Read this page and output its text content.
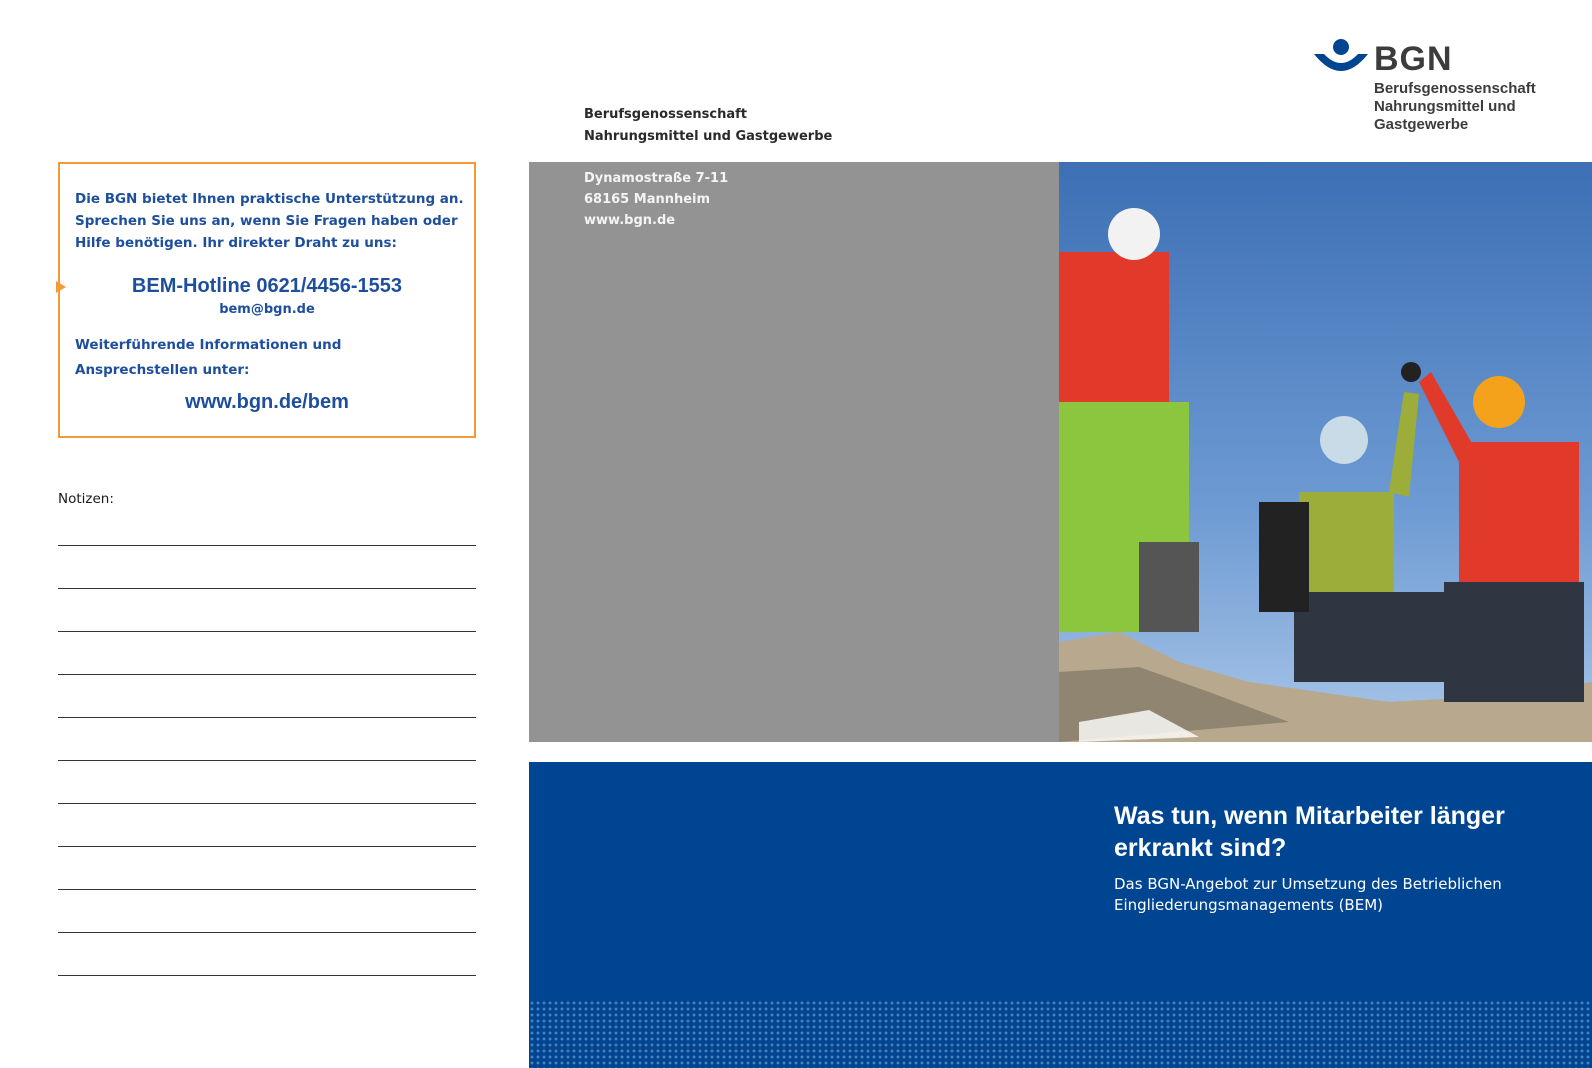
BGN
Berufsgenossenschaft Nahrungsmittel und Gastgewerbe
Berufsgenossenschaft
Nahrungsmittel und Gastgewerbe
Dynamostraße 7-11
68165 Mannheim
www.bgn.de
Was tun, wenn Mitarbeiter länger erkrankt sind?
Das BGN-Angebot zur Umsetzung des Betrieblichen Eingliederungsmanagements (BEM)
Die BGN bietet Ihnen praktische Unterstützung an. Sprechen Sie uns an, wenn Sie Fragen haben oder Hilfe benötigen. Ihr direkter Draht zu uns:
BEM-Hotline 0621/4456-1553
bem@bgn.de
Weiterführende Informationen und Ansprechstellen unter:
www.bgn.de/bem
Notizen:
